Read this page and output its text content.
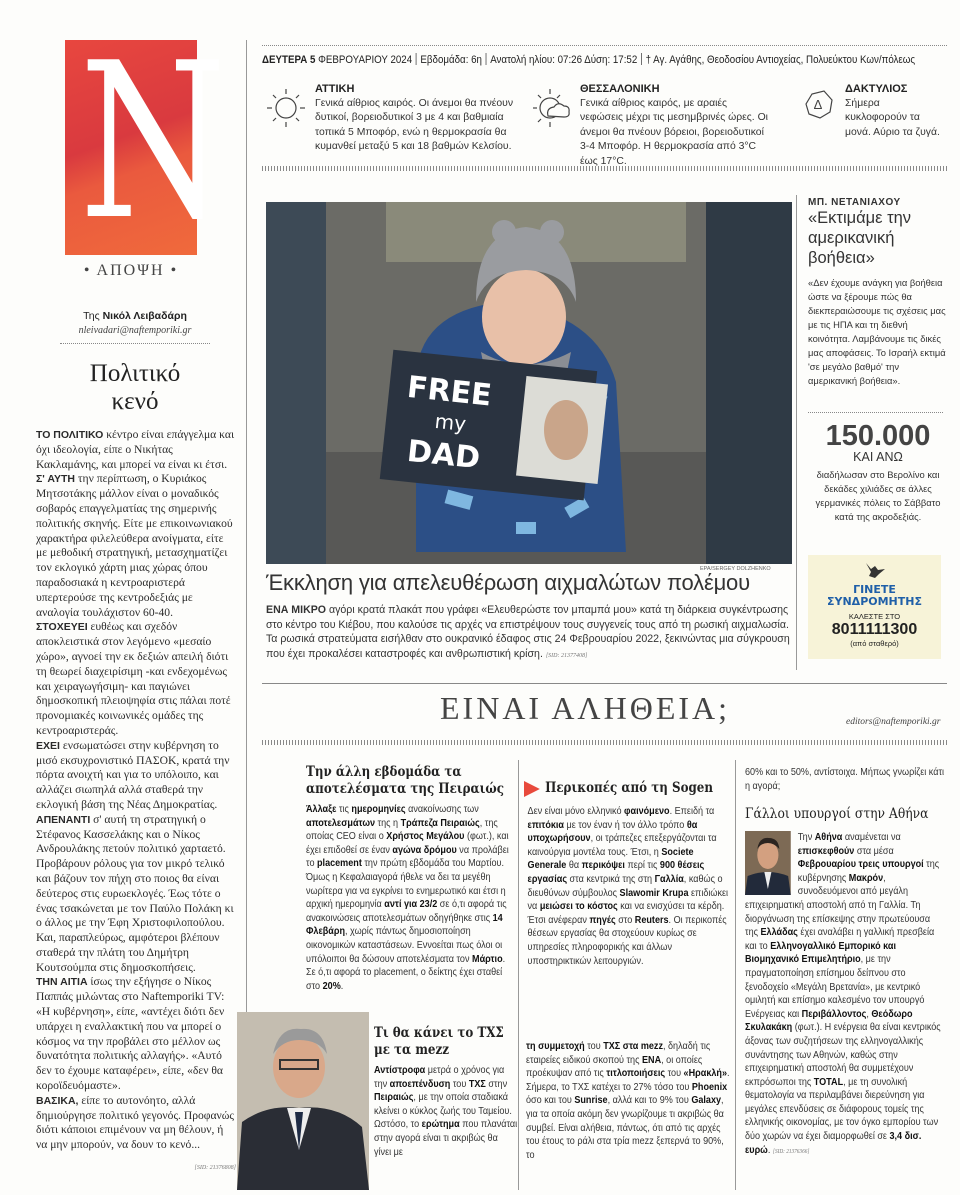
N
• ΑΠΟΨΗ •
Της Νικόλ Λειβαδάρη
nleivadari@naftemporiki.gr
Πολιτικό
κενό

ΤΟ ΠΟΛΙΤΙΚΟ κέντρο είναι επάγγελμα και όχι ιδεολογία, είπε ο Νικήτας Κακλαμάνης, και μπορεί να είναι κι έτσι.

Σ' ΑΥΤΗ την περίπτωση, ο Κυριάκος Μητσοτάκης μάλλον είναι ο μοναδικός σοβαρός επαγγελματίας της σημερινής πολιτικής σκηνής. Είτε με επικοινωνιακού χαρακτήρα φιλελεύθερα ανοίγματα, είτε με μεθοδική στρατηγική, μετασχηματίζει τον εκλογικό χάρτη μιας χώρας όπου παραδοσιακά η κεντροαριστερά υπερτερούσε της κεντροδεξιάς με αναλογία τουλάχιστον 60-40.

ΣΤΟΧΕΥΕΙ ευθέως και σχεδόν αποκλειστικά στον λεγόμενο «μεσαίο χώρο», αγνοεί την εκ δεξιών απειλή διότι τη θεωρεί διαχειρίσιμη -και ενδεχομένως και χειραγωγήσιμη- και παγιώνει δημοσκοπική πλειοψηφία στις πάλαι ποτέ προνομιακές κοινωνικές ομάδες της κεντροαριστεράς.

ΕΧΕΙ ενσωματώσει στην κυβέρνηση το μισό εκσυχρονιστικό ΠΑΣΟΚ, κρατά την πόρτα ανοιχτή και για το υπόλοιπο, και αλλάζει σιωπηλά αλλά σταθερά την εκλογική βάση της Νέας Δημοκρατίας.

ΑΠΕΝΑΝΤΙ σ' αυτή τη στρατηγική ο Στέφανος Κασσελάκης και ο Νίκος Ανδρουλάκης πετούν πολιτικό χαρταετό. Προβάρουν ρόλους για τον μικρό τελικό και βάζουν τον πήχη στο ποιος θα είναι δεύτερος στις ευρωεκλογές. Έως τότε ο ένας τσακώνεται με τον Παύλο Πολάκη κι ο άλλος με την Έφη Χριστοφιλοπούλου. Και, παραπλεύρως, αμφότεροι βλέπουν σταθερά την πλάτη του Δημήτρη Κουτσούμπα στις δημοσκοπήσεις.

ΤΗΝ ΑΙΤΙΑ ίσως την εξήγησε ο Νίκος Παππάς μιλώντας στο Naftemporiki TV: «Η κυβέρνηση», είπε, «αντέχει διότι δεν υπάρχει η εναλλακτική που να μπορεί ο κόσμος να την προβάλει στο μέλλον ως δυνατότητα πολιτικής αλλαγής». «Αυτό δεν το έχουμε καταφέρει», είπε, «δεν θα κοροϊδευόμαστε».

ΒΑΣΙΚΑ, είπε το αυτονόητο, αλλά δημιούργησε πολιτικό γεγονός. Προφανώς διότι κάποιοι επιμένουν να μη θέλουν, ή να μην μπορούν, να δουν το κενό...

[SID: 21376808]
ΔΕΥΤΕΡΑ 5 ΦΕΒΡΟΥΑΡΙΟΥ 2024 Εβδομάδα: 6η Ανατολή ηλίου: 07:26 Δύση: 17:52 † Αγ. Αγάθης, Θεοδοσίου Αντιοχείας, Πολυεύκτου Κων/πόλεως
ΑΤΤΙΚΗ
Γενικά αίθριος καιρός. Οι άνεμοι θα πνέουν δυτικοί, βορειοδυτικοί 3 με 4 και βαθμιαία τοπικά 5 Μποφόρ, ενώ η θερμοκρασία θα κυμανθεί μεταξύ 5 και 18 βαθμών Κελσίου.
ΘΕΣΣΑΛΟΝΙΚΗ
Γενικά αίθριος καιρός, με αραιές νεφώσεις μέχρι τις μεσημβρινές ώρες. Οι άνεμοι θα πνέουν βόρειοι, βορειοδυτικοί 3-4 Μποφόρ. Η θερμοκρασία από 3°C έως 17°C.
Δ
ΔΑΚΤΥΛΙΟΣ
Σήμερα κυκλοφορούν τα μονά. Αύριο τα ζυγά.
FREE
my
DAD
EPA/SERGEY DOLZHENKO
Έκκληση για απελευθέρωση αιχμαλώτων πολέμου
ΕΝΑ ΜΙΚΡΟ αγόρι κρατά πλακάτ που γράφει «Ελευθερώστε τον μπαμπά μου» κατά τη διάρκεια συγκέντρωσης στο κέντρο του Κιέβου, που καλούσε τις αρχές να επιστρέψουν τους συγγενείς τους από τη ρωσική αιχμαλωσία. Τα ρωσικά στρατεύματα εισήλθαν στο ουκρανικό έδαφος στις 24 Φεβρουαρίου 2022, ξεκινώντας μια σύγκρουση που έχει προκαλέσει καταστροφές και ανθρωπιστική κρίση. [SID: 21377408]
ΜΠ. ΝΕΤΑΝΙΑΧΟΥ
«Εκτιμάμε την αμερικανική βοήθεια»
«Δεν έχουμε ανάγκη για βοήθεια ώστε να ξέρουμε πώς θα διεκπεραιώσουμε τις σχέσεις μας με τις ΗΠΑ και τη διεθνή κοινότητα. Λαμβάνουμε τις δικές μας αποφάσεις. Το Ισραήλ εκτιμά 'σε μεγάλο βαθμό' την αμερικανική βοήθεια».
150.000
ΚΑΙ ΑΝΩ
διαδήλωσαν στο Βερολίνο και δεκάδες χιλιάδες σε άλλες γερμανικές πόλεις το Σάββατο κατά της ακροδεξιάς.
ΓΙΝΕΤΕ
ΣΥΝΔΡΟΜΗΤΗΣ
ΚΑΛΕΣΤΕ ΣΤΟ
8011111300
(από σταθερό)
ΕΙΝΑΙ ΑΛΗΘΕΙΑ;	editors@naftemporiki.gr
Την άλλη εβδομάδα τα αποτελέσματα της Πειραιώς
Άλλαξε τις ημερομηνίες ανακοίνωσης των αποτελεσμάτων της η Τράπεζα Πειραιώς, της οποίας CEO είναι ο Χρήστος Μεγάλου (φωτ.), και έχει επιδοθεί σε έναν αγώνα δρόμου να προλάβει το placement την πρώτη εβδομάδα του Μαρτίου. Όμως η Κεφαλαιαγορά ήθελε να δει τα μεγέθη νωρίτερα για να εγκρίνει το ενημερωτικό και έτσι η αρχική ημερομηνία αντί για 23/2 σε ό,τι αφορά τις ανακοινώσεις αποτελεσμάτων οδηγήθηκε στις 14 Φλεβάρη, χωρίς πάντως δημοσιοποίηση οικονομικών καταστάσεων. Εννοείται πως όλοι οι υπόλοιποι θα δώσουν αποτελέσματα τον Μάρτιο. Σε ό,τι αφορά το placement, ο δείκτης έχει σταθεί στο 20%.
Τι θα κάνει το ΤΧΣ με τα mezz
Αντίστροφα μετρά ο χρόνος για την αποεπένδυση του ΤΧΣ στην Πειραιώς, με την οποία σταδιακά κλείνει ο κύκλος ζωής του Ταμείου. Ωστόσο, το ερώτημα που πλανάται στην αγορά είναι τι ακριβώς θα γίνει με
Περικοπές από τη Sogen
Δεν είναι μόνο ελληνικό φαινόμενο. Επειδή τα επιτόκια με τον έναν ή τον άλλο τρόπο θα υποχωρήσουν, οι τράπεζες επεξεργάζονται τα καινούργια μοντέλα τους. Έτσι, η Societe Generale θα περικόψει περί τις 900 θέσεις εργασίας στα κεντρικά της στη Γαλλία, καθώς ο διευθύνων σύμβουλος Slawomir Krupa επιδιώκει να μειώσει το κόστος και να ενισχύσει τα κέρδη. Έτσι ανέφεραν πηγές στο Reuters. Οι περικοπές θέσεων εργασίας θα στοχεύουν κυρίως σε υπηρεσίες πληροφορικής και άλλων υποστηρικτικών λειτουργιών.
τη συμμετοχή του ΤΧΣ στα mezz, δηλαδή τις εταιρείες ειδικού σκοπού της ΕΝΑ, οι οποίες προέκυψαν από τις τιτλοποιήσεις του «Ηρακλή». Σήμερα, το ΤΧΣ κατέχει το 27% τόσο του Phoenix όσο και του Sunrise, αλλά και το 9% του Galaxy, για τα οποία ακόμη δεν γνωρίζουμε τι ακριβώς θα συμβεί. Είναι αλήθεια, πάντως, ότι από τις αρχές του έτους το ράλι στα τρία mezz ξεπερνά το 90%, το
60% και το 50%, αντίστοιχα. Μήπως γνωρίζει κάτι η αγορά;
Γάλλοι υπουργοί στην Αθήνα
Την Αθήνα αναμένεται να επισκεφθούν στα μέσα Φεβρουαρίου τρεις υπουργοί της κυβέρνησης Μακρόν, συνοδευόμενοι από μεγάλη επιχειρηματική αποστολή από τη Γαλλία. Τη διοργάνωση της επίσκεψης στην πρωτεύουσα της Ελλάδας έχει αναλάβει η γαλλική πρεσβεία και το Ελληνογαλλικό Εμπορικό και Βιομηχανικό Επιμελητήριο, με την πραγματοποίηση επίσημου δείπνου στο ξενοδοχείο «Μεγάλη Βρετανία», με κεντρικό ομιλητή και επίσημο καλεσμένο τον υπουργό Ενέργειας και Περιβάλλοντος, Θεόδωρο Σκυλακάκη (φωτ.). Η ενέργεια θα είναι κεντρικός άξονας των συζητήσεων της ελληνογαλλικής συνάντησης των Αθηνών, καθώς στην επιχειρηματική αποστολή θα συμμετέχουν εκπρόσωποι της TOTAL, με τη συνολική θεματολογία να περιλαμβάνει διερεύνηση για μεγάλες επενδύσεις σε διάφορους τομείς της ελληνικής οικονομίας, με τον όγκο εμπορίου των δύο χωρών να έχει διαμορφωθεί σε 3,4 δισ. ευρώ. [SID: 21376366]
